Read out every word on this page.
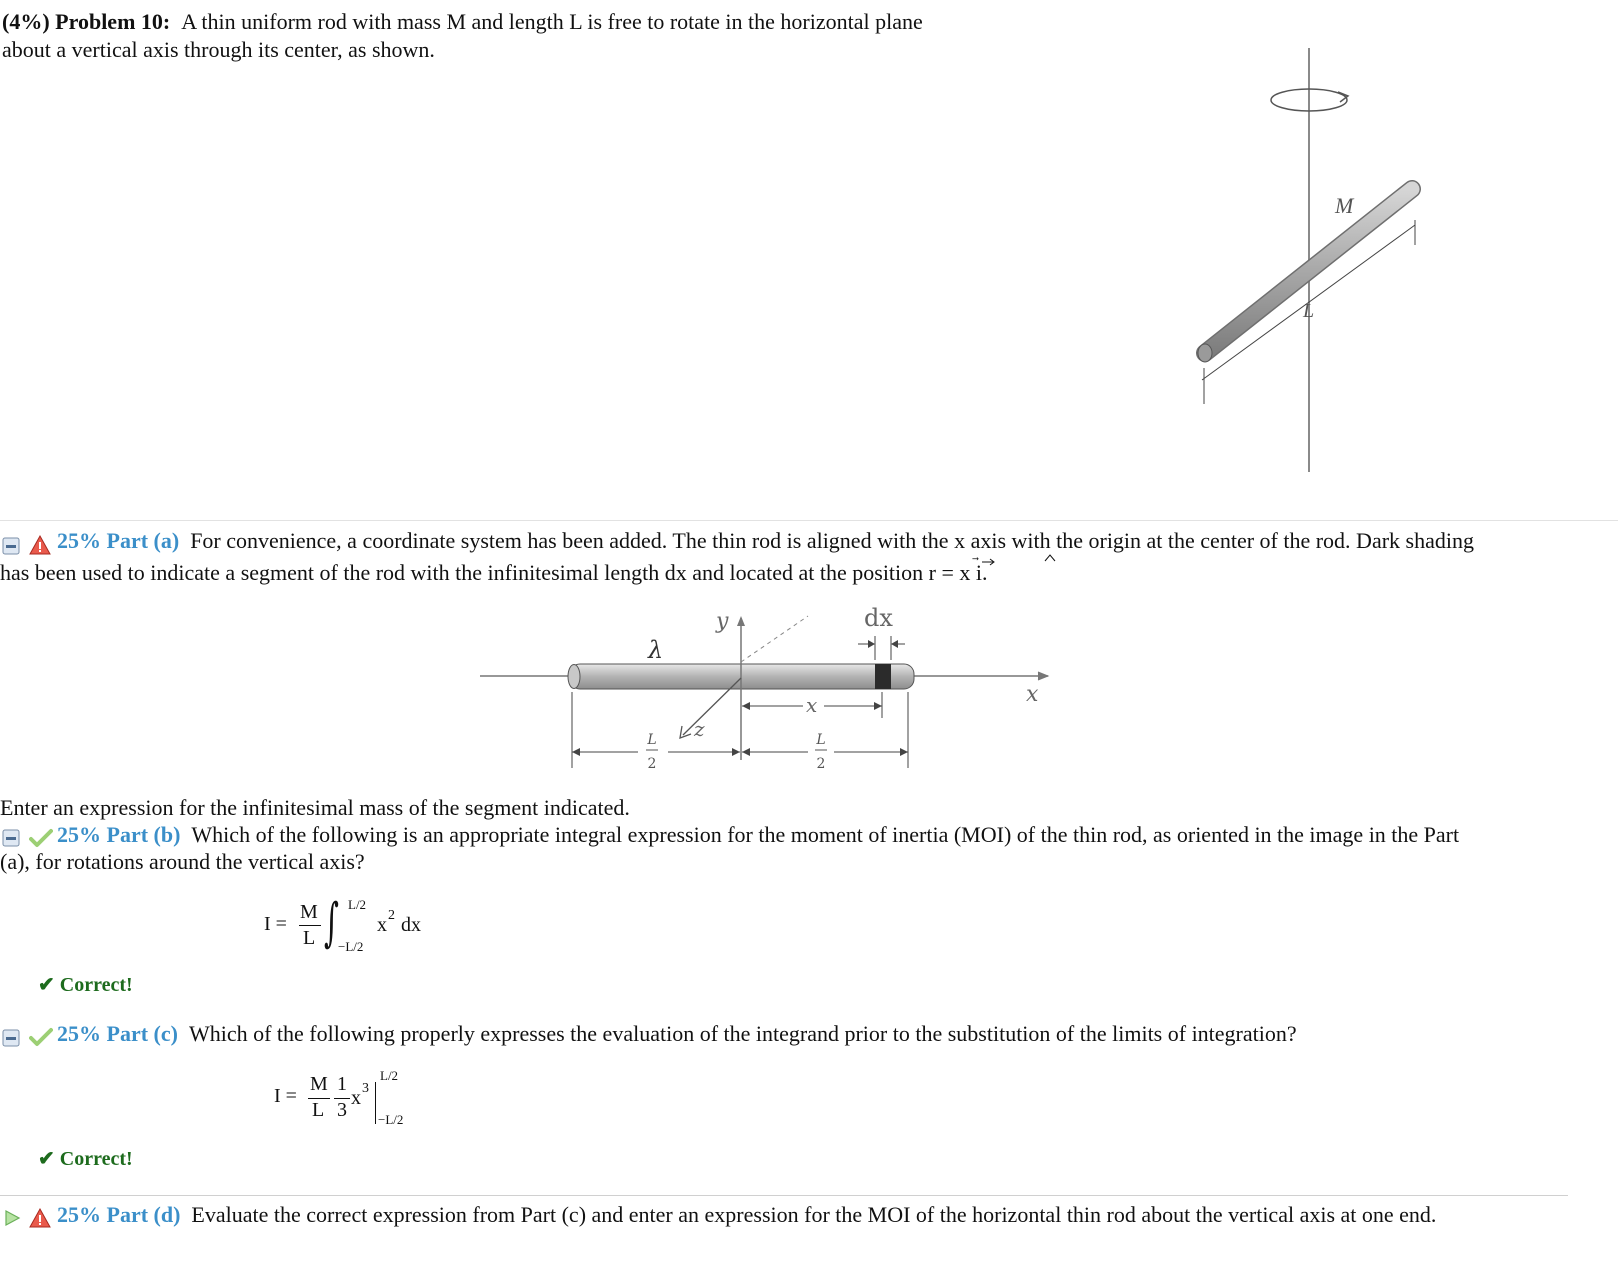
(4%) Problem 10: A thin uniform rod with mass M and length L is free to rotate in the horizontal plane
about a vertical axis through its center, as shown.
M
L
25% Part (a) For convenience, a coordinate system has been added. The thin rod is aligned with the x axis with the origin at the center of the rod. Dark shading
has been used to indicate a segment of the rod with the infinitesimal length dx and located at the position r = x i.
λ
y
z
x
dx
x
L
2
L
2
Enter an expression for the infinitesimal mass of the segment indicated.
25% Part (b) Which of the following is an appropriate integral expression for the moment of inertia (MOI) of the thin rod, as oriented in the image in the Part
(a), for rotations around the vertical axis?
I =
M
L ∫ L/2
−L/2
x 2 dx
✔ Correct!
25% Part (c) Which of the following properly expresses the evaluation of the integrand prior to the substitution of the limits of integration?
I =
M
L
1
3
x 3
L/2
−L/2
✔ Correct!
25% Part (d) Evaluate the correct expression from Part (c) and enter an expression for the MOI of the horizontal thin rod about the vertical axis at one end.
